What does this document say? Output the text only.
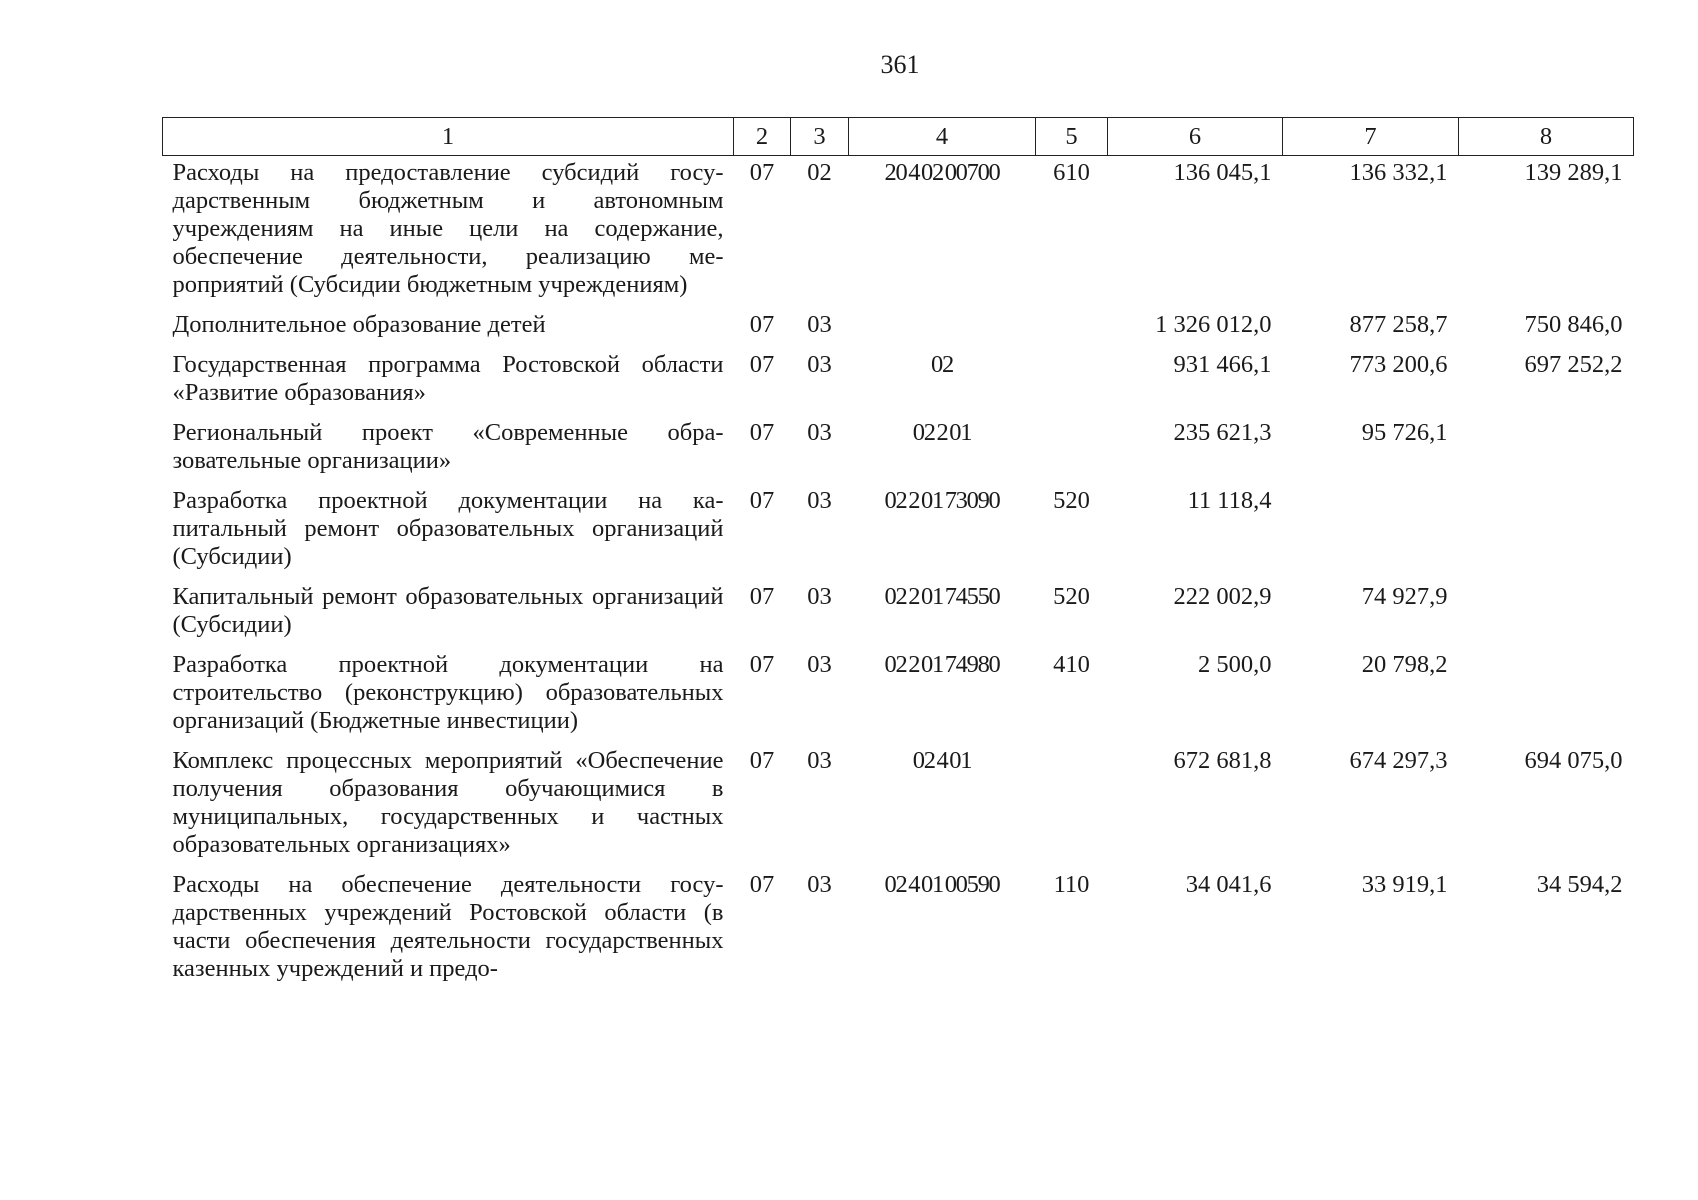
361
1	2	3	4	5	6	7	8
Расходы на предоставление субсидий государственным бюджетным и автономным учреждениям на иные цели на содержание, обеспечение деятельности, реализацию мероприятий (Субсидии бюджетным учреждениям)	07	02	20 4 02 00700	610	136 045,1	136 332,1	139 289,1
Дополнительное образование детей	07	03			1 326 012,0	877 258,7	750 846,0
Государственная программа Ростовской области «Развитие образования»	07	03	02		931 466,1	773 200,6	697 252,2
Региональный проект «Современные образовательные организации»	07	03	02 2 01		235 621,3	95 726,1	
Разработка проектной документации на капитальный ремонт образовательных организаций (Субсидии)	07	03	02 2 01 73090	520	11 118,4		
Капитальный ремонт образовательных организаций (Субсидии)	07	03	02 2 01 74550	520	222 002,9	74 927,9	
Разработка проектной документации на строительство (реконструкцию) образовательных организаций (Бюджетные инвестиции)	07	03	02 2 01 74980	410	2 500,0	20 798,2	
Комплекс процессных мероприятий «Обеспечение получения образования обучающимися в муниципальных, государственных и частных образовательных организациях»	07	03	02 4 01		672 681,8	674 297,3	694 075,0
Расходы на обеспечение деятельности государственных учреждений Ростовской области (в части обеспечения деятельности государственных казенных учреждений и предо-	07	03	02 4 01 00590	110	34 041,6	33 919,1	34 594,2
